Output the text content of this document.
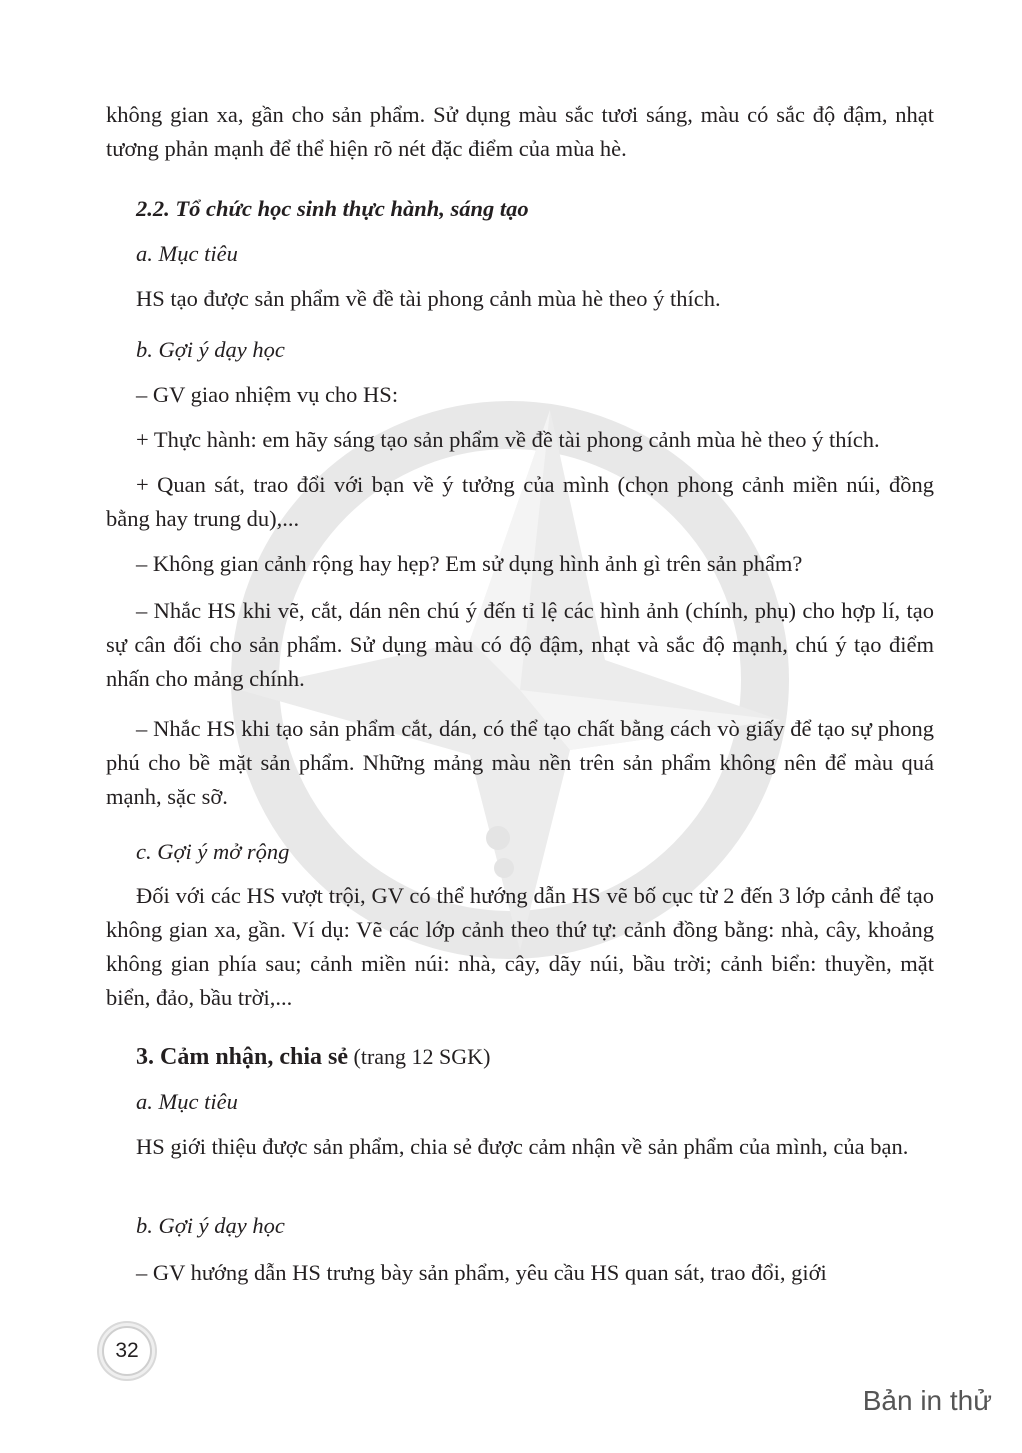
không gian xa, gần cho sản phẩm. Sử dụng màu sắc tươi sáng, màu có sắc độ đậm, nhạt tương phản mạnh để thể hiện rõ nét đặc điểm của mùa hè.
2.2. Tổ chức học sinh thực hành, sáng tạo
a. Mục tiêu
HS tạo được sản phẩm về đề tài phong cảnh mùa hè theo ý thích.
b. Gợi ý dạy học
– GV giao nhiệm vụ cho HS:
+ Thực hành: em hãy sáng tạo sản phẩm về đề tài phong cảnh mùa hè theo ý thích.
+ Quan sát, trao đổi với bạn về ý tưởng của mình (chọn phong cảnh miền núi, đồng bằng hay trung du),...
– Không gian cảnh rộng hay hẹp? Em sử dụng hình ảnh gì trên sản phẩm?
– Nhắc HS khi vẽ, cắt, dán nên chú ý đến tỉ lệ các hình ảnh (chính, phụ) cho hợp lí, tạo sự cân đối cho sản phẩm. Sử dụng màu có độ đậm, nhạt và sắc độ mạnh, chú ý tạo điểm nhấn cho mảng chính.
– Nhắc HS khi tạo sản phẩm cắt, dán, có thể tạo chất bằng cách vò giấy để tạo sự phong phú cho bề mặt sản phẩm. Những mảng màu nền trên sản phẩm không nên để màu quá mạnh, sặc sỡ.
c. Gợi ý mở rộng
Đối với các HS vượt trội, GV có thể hướng dẫn HS vẽ bố cục từ 2 đến 3 lớp cảnh để tạo không gian xa, gần. Ví dụ: Vẽ các lớp cảnh theo thứ tự: cảnh đồng bằng: nhà, cây, khoảng không gian phía sau; cảnh miền núi: nhà, cây, dãy núi, bầu trời; cảnh biển: thuyền, mặt biển, đảo, bầu trời,...
3. Cảm nhận, chia sẻ (trang 12 SGK)
a. Mục tiêu
HS giới thiệu được sản phẩm, chia sẻ được cảm nhận về sản phẩm của mình, của bạn.
b. Gợi ý dạy học
– GV hướng dẫn HS trưng bày sản phẩm, yêu cầu HS quan sát, trao đổi, giới
32
Bản in thử
